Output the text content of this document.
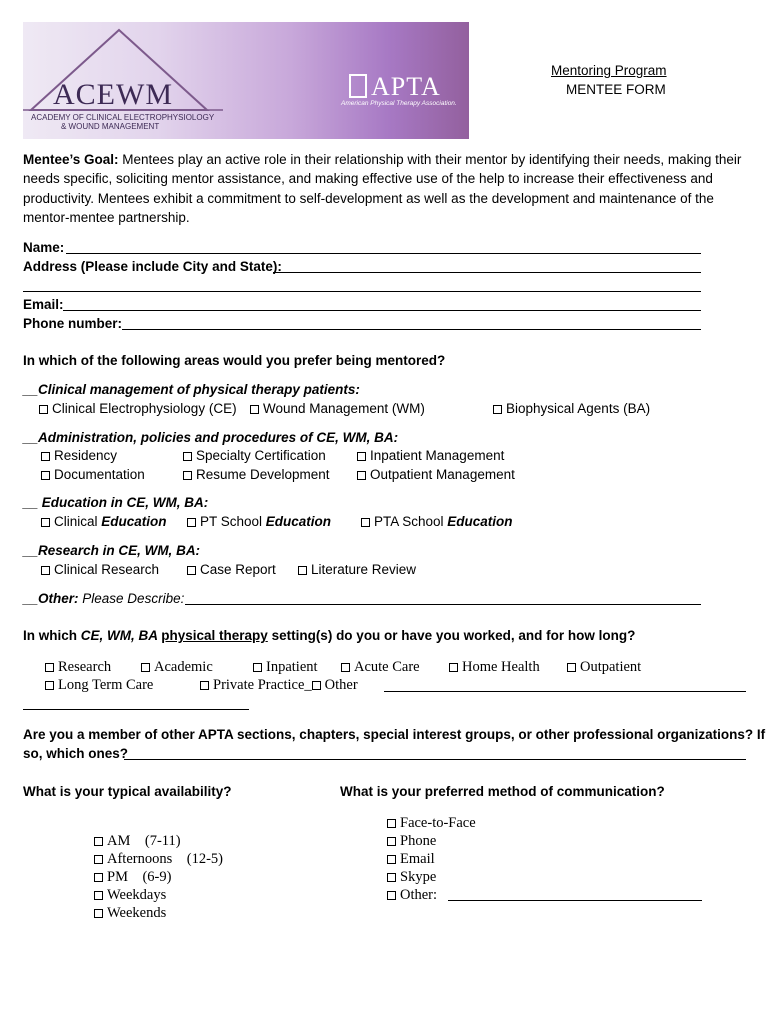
ACEWM
ACADEMY OF CLINICAL ELECTROPHYSIOLOGY
& WOUND MANAGEMENT
APTA
American Physical Therapy Association.
Mentoring Program
MENTEE FORM
Mentee’s Goal: Mentees play an active role in their relationship with their mentor by identifying their needs, making their needs specific, soliciting mentor assistance, and making effective use of the help to increase their effectiveness and productivity. Mentees exhibit a commitment to self-development as well as the development and maintenance of the mentor-mentee partnership.
Name:
Address (Please include City and State):
Email:
Phone number:
In which of the following areas would you prefer being mentored?
__Clinical management of physical therapy patients:
Clinical Electrophysiology (CE)	Wound Management (WM)	Biophysical Agents (BA)
__Administration, policies and procedures of CE, WM, BA:
Residency	Specialty Certification	Inpatient Management
Documentation	Resume Development	Outpatient Management
__ Education in CE, WM, BA:
Clinical Education	PT School Education	PTA School Education
__Research in CE, WM, BA:
Clinical Research	Case Report	Literature Review
__Other: Please Describe:
In which CE, WM, BA physical therapy setting(s) do you or have you worked, and for how long?
Research	Academic	Inpatient	Acute Care	Home Health	Outpatient
Long Term Care	Private Practice_ Other
Are you a member of other APTA sections, chapters, special interest groups, or other professional organizations? If
so, which ones?
What is your typical availability?

AM    (7-11)
Afternoons    (12-5)
PM    (6-9)
Weekdays
Weekends

What is your preferred method of communication?
Face-to-Face
Phone
Email
Skype
Other:
